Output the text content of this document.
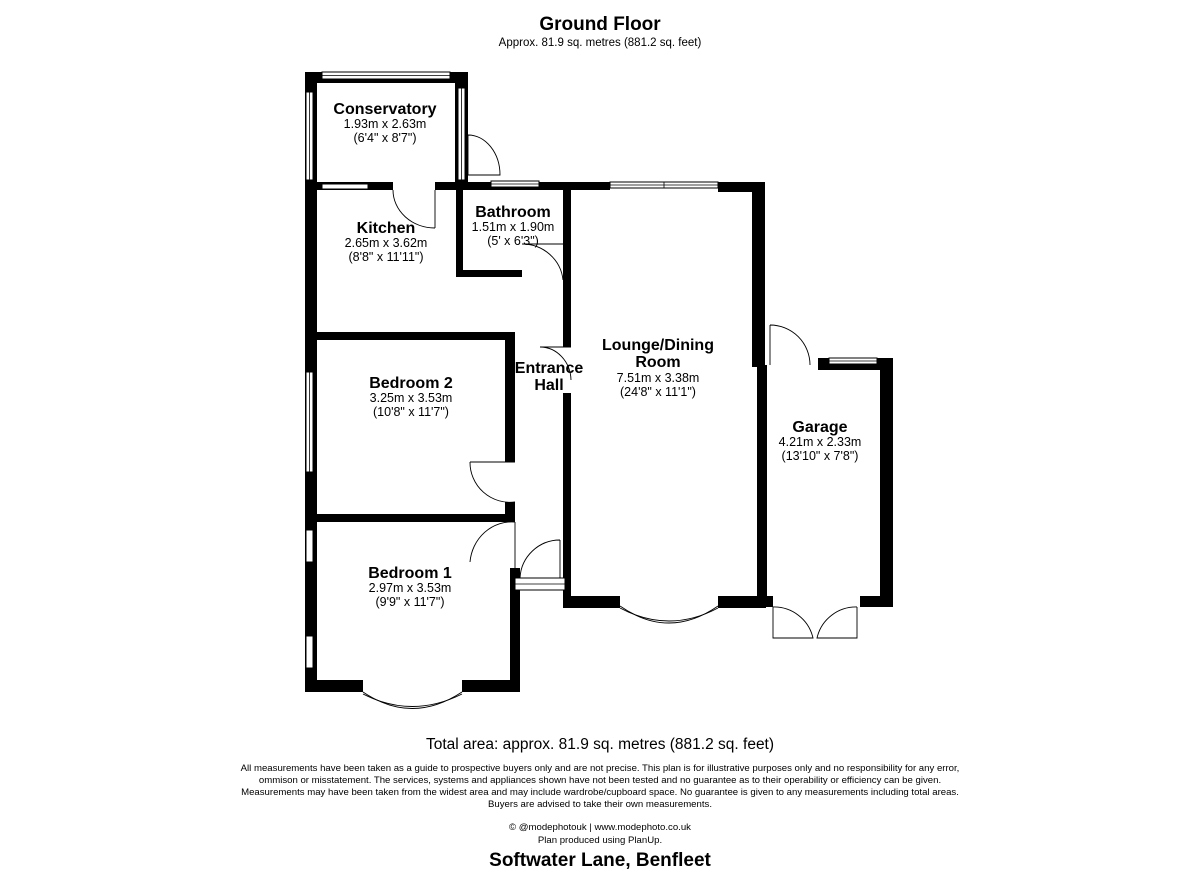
Ground Floor
Approx. 81.9 sq. metres (881.2 sq. feet)
Conservatory
1.93m x 2.63m
(6'4" x 8'7")
Kitchen
2.65m x 3.62m
(8'8" x 11'11")
Bathroom
1.51m x 1.90m
(5' x 6'3")
Entrance
Hall
Lounge/Dining
Room
7.51m x 3.38m
(24'8" x 11'1")
Bedroom 2
3.25m x 3.53m
(10'8" x 11'7")
Bedroom 1
2.97m x 3.53m
(9'9" x 11'7")
Garage
4.21m x 2.33m
(13'10" x 7'8")
Total area: approx. 81.9 sq. metres (881.2 sq. feet)
All measurements have been taken as a guide to prospective buyers only and are not precise. This plan is for illustrative purposes only and no responsibility for any error,
ommison or misstatement. The services, systems and appliances shown have not been tested and no guarantee as to their operability or efficiency can be given.
Measurements may have been taken from the widest area and may include wardrobe/cupboard space. No guarantee is given to any measurements including total areas.
Buyers are advised to take their own measurements.
© @modephotouk | www.modephoto.co.uk
Plan produced using PlanUp.
Softwater Lane, Benfleet
